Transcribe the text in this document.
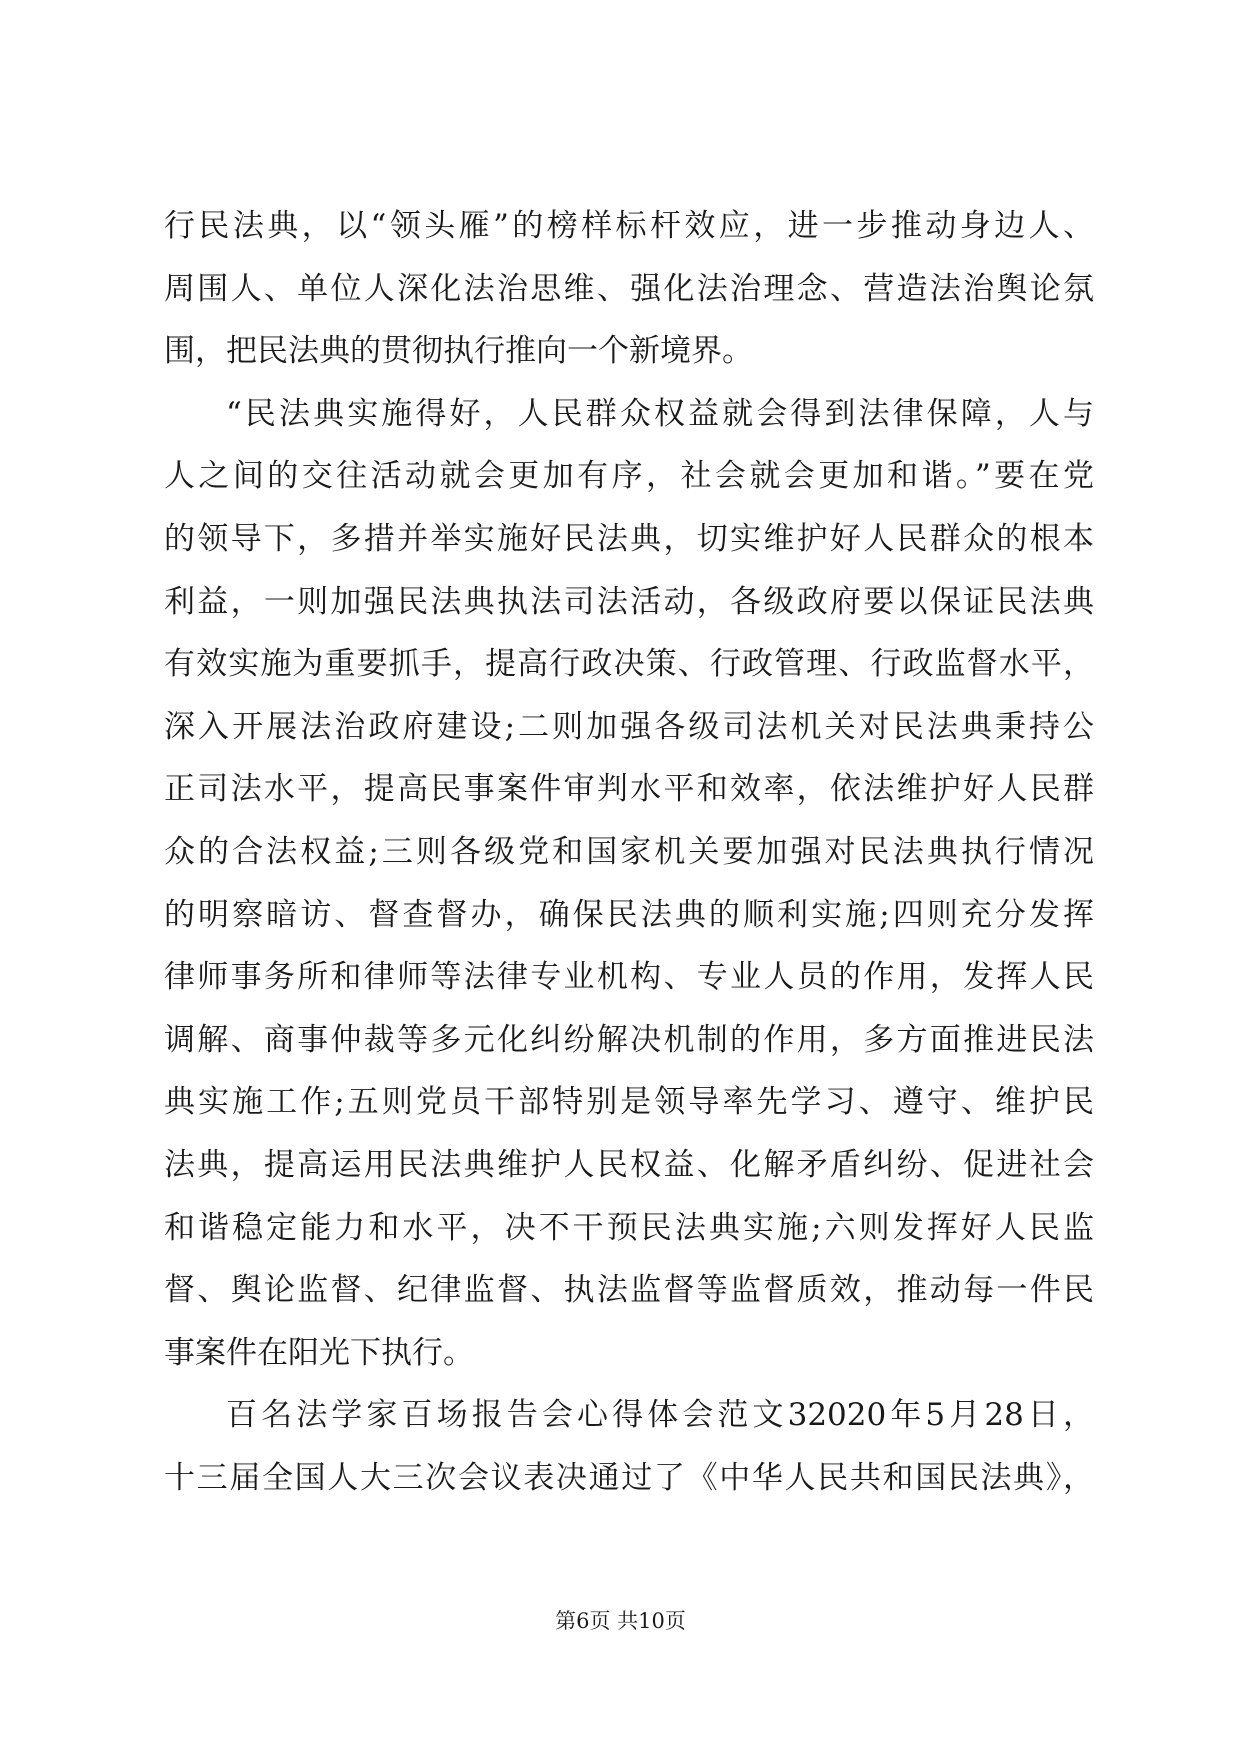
行民法典，以“领头雁”的榜样标杆效应，进一步推动身边人、
周围人、单位人深化法治思维、强化法治理念、营造法治舆论氛
围，把民法典的贯彻执行推向一个新境界。
“民法典实施得好，人民群众权益就会得到法律保障，人与
人之间的交往活动就会更加有序，社会就会更加和谐。”要在党
的领导下，多措并举实施好民法典，切实维护好人民群众的根本
利益，一则加强民法典执法司法活动，各级政府要以保证民法典
有效实施为重要抓手，提高行政决策、行政管理、行政监督水平，
深入开展法治政府建设;二则加强各级司法机关对民法典秉持公
正司法水平，提高民事案件审判水平和效率，依法维护好人民群
众的合法权益;三则各级党和国家机关要加强对民法典执行情况
的明察暗访、督查督办，确保民法典的顺利实施;四则充分发挥
律师事务所和律师等法律专业机构、专业人员的作用，发挥人民
调解、商事仲裁等多元化纠纷解决机制的作用，多方面推进民法
典实施工作;五则党员干部特别是领导率先学习、遵守、维护民
法典，提高运用民法典维护人民权益、化解矛盾纠纷、促进社会
和谐稳定能力和水平，决不干预民法典实施;六则发挥好人民监
督、舆论监督、纪律监督、执法监督等监督质效，推动每一件民
事案件在阳光下执行。
百名法学家百场报告会心得体会范文32020年5月28日，
十三届全国人大三次会议表决通过了《中华人民共和国民法典》，
第6页 共10页
